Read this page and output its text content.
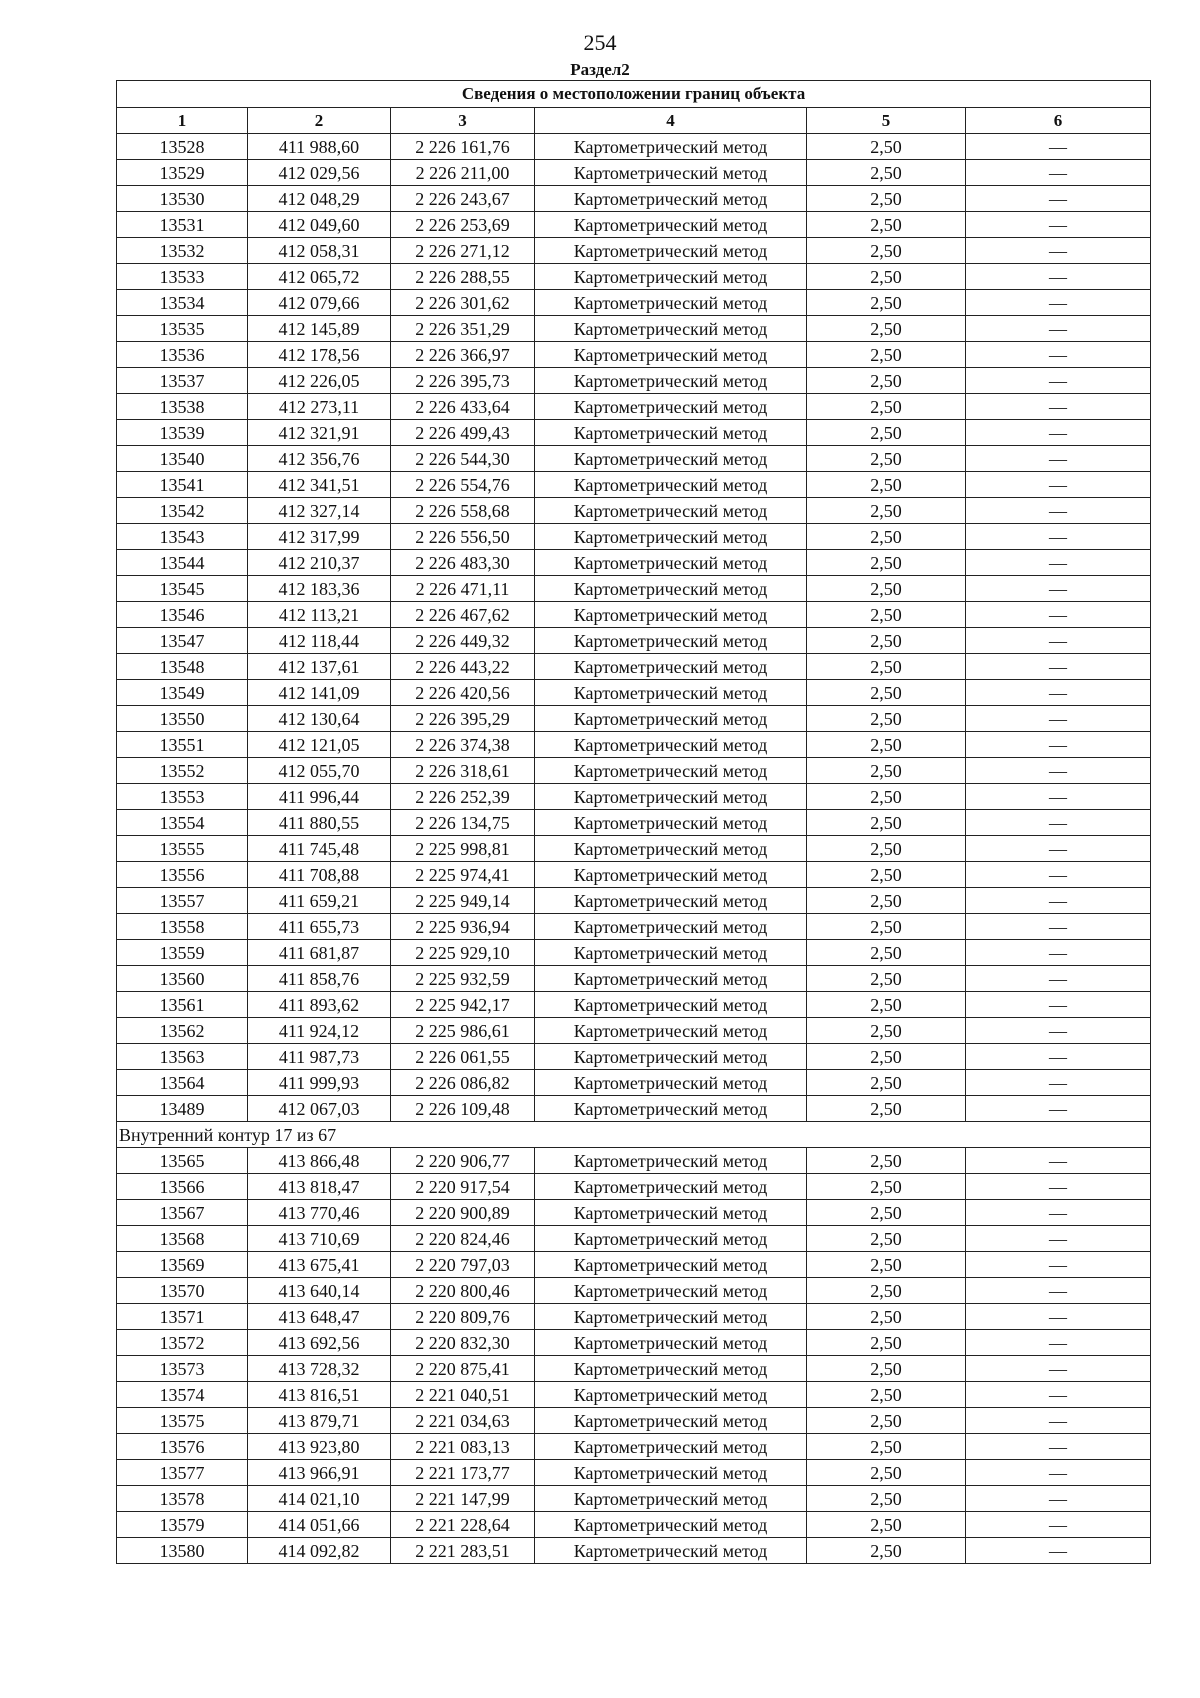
254
Раздел2
Сведения о местоположении границ объекта					
1	2	3	4	5	6
13528	411 988,60	2 226 161,76	Картометрический метод	2,50	—
13529	412 029,56	2 226 211,00	Картометрический метод	2,50	—
13530	412 048,29	2 226 243,67	Картометрический метод	2,50	—
13531	412 049,60	2 226 253,69	Картометрический метод	2,50	—
13532	412 058,31	2 226 271,12	Картометрический метод	2,50	—
13533	412 065,72	2 226 288,55	Картометрический метод	2,50	—
13534	412 079,66	2 226 301,62	Картометрический метод	2,50	—
13535	412 145,89	2 226 351,29	Картометрический метод	2,50	—
13536	412 178,56	2 226 366,97	Картометрический метод	2,50	—
13537	412 226,05	2 226 395,73	Картометрический метод	2,50	—
13538	412 273,11	2 226 433,64	Картометрический метод	2,50	—
13539	412 321,91	2 226 499,43	Картометрический метод	2,50	—
13540	412 356,76	2 226 544,30	Картометрический метод	2,50	—
13541	412 341,51	2 226 554,76	Картометрический метод	2,50	—
13542	412 327,14	2 226 558,68	Картометрический метод	2,50	—
13543	412 317,99	2 226 556,50	Картометрический метод	2,50	—
13544	412 210,37	2 226 483,30	Картометрический метод	2,50	—
13545	412 183,36	2 226 471,11	Картометрический метод	2,50	—
13546	412 113,21	2 226 467,62	Картометрический метод	2,50	—
13547	412 118,44	2 226 449,32	Картометрический метод	2,50	—
13548	412 137,61	2 226 443,22	Картометрический метод	2,50	—
13549	412 141,09	2 226 420,56	Картометрический метод	2,50	—
13550	412 130,64	2 226 395,29	Картометрический метод	2,50	—
13551	412 121,05	2 226 374,38	Картометрический метод	2,50	—
13552	412 055,70	2 226 318,61	Картометрический метод	2,50	—
13553	411 996,44	2 226 252,39	Картометрический метод	2,50	—
13554	411 880,55	2 226 134,75	Картометрический метод	2,50	—
13555	411 745,48	2 225 998,81	Картометрический метод	2,50	—
13556	411 708,88	2 225 974,41	Картометрический метод	2,50	—
13557	411 659,21	2 225 949,14	Картометрический метод	2,50	—
13558	411 655,73	2 225 936,94	Картометрический метод	2,50	—
13559	411 681,87	2 225 929,10	Картометрический метод	2,50	—
13560	411 858,76	2 225 932,59	Картометрический метод	2,50	—
13561	411 893,62	2 225 942,17	Картометрический метод	2,50	—
13562	411 924,12	2 225 986,61	Картометрический метод	2,50	—
13563	411 987,73	2 226 061,55	Картометрический метод	2,50	—
13564	411 999,93	2 226 086,82	Картометрический метод	2,50	—
13489	412 067,03	2 226 109,48	Картометрический метод	2,50	—
Внутренний контур 17 из 67					
13565	413 866,48	2 220 906,77	Картометрический метод	2,50	—
13566	413 818,47	2 220 917,54	Картометрический метод	2,50	—
13567	413 770,46	2 220 900,89	Картометрический метод	2,50	—
13568	413 710,69	2 220 824,46	Картометрический метод	2,50	—
13569	413 675,41	2 220 797,03	Картометрический метод	2,50	—
13570	413 640,14	2 220 800,46	Картометрический метод	2,50	—
13571	413 648,47	2 220 809,76	Картометрический метод	2,50	—
13572	413 692,56	2 220 832,30	Картометрический метод	2,50	—
13573	413 728,32	2 220 875,41	Картометрический метод	2,50	—
13574	413 816,51	2 221 040,51	Картометрический метод	2,50	—
13575	413 879,71	2 221 034,63	Картометрический метод	2,50	—
13576	413 923,80	2 221 083,13	Картометрический метод	2,50	—
13577	413 966,91	2 221 173,77	Картометрический метод	2,50	—
13578	414 021,10	2 221 147,99	Картометрический метод	2,50	—
13579	414 051,66	2 221 228,64	Картометрический метод	2,50	—
13580	414 092,82	2 221 283,51	Картометрический метод	2,50	—
